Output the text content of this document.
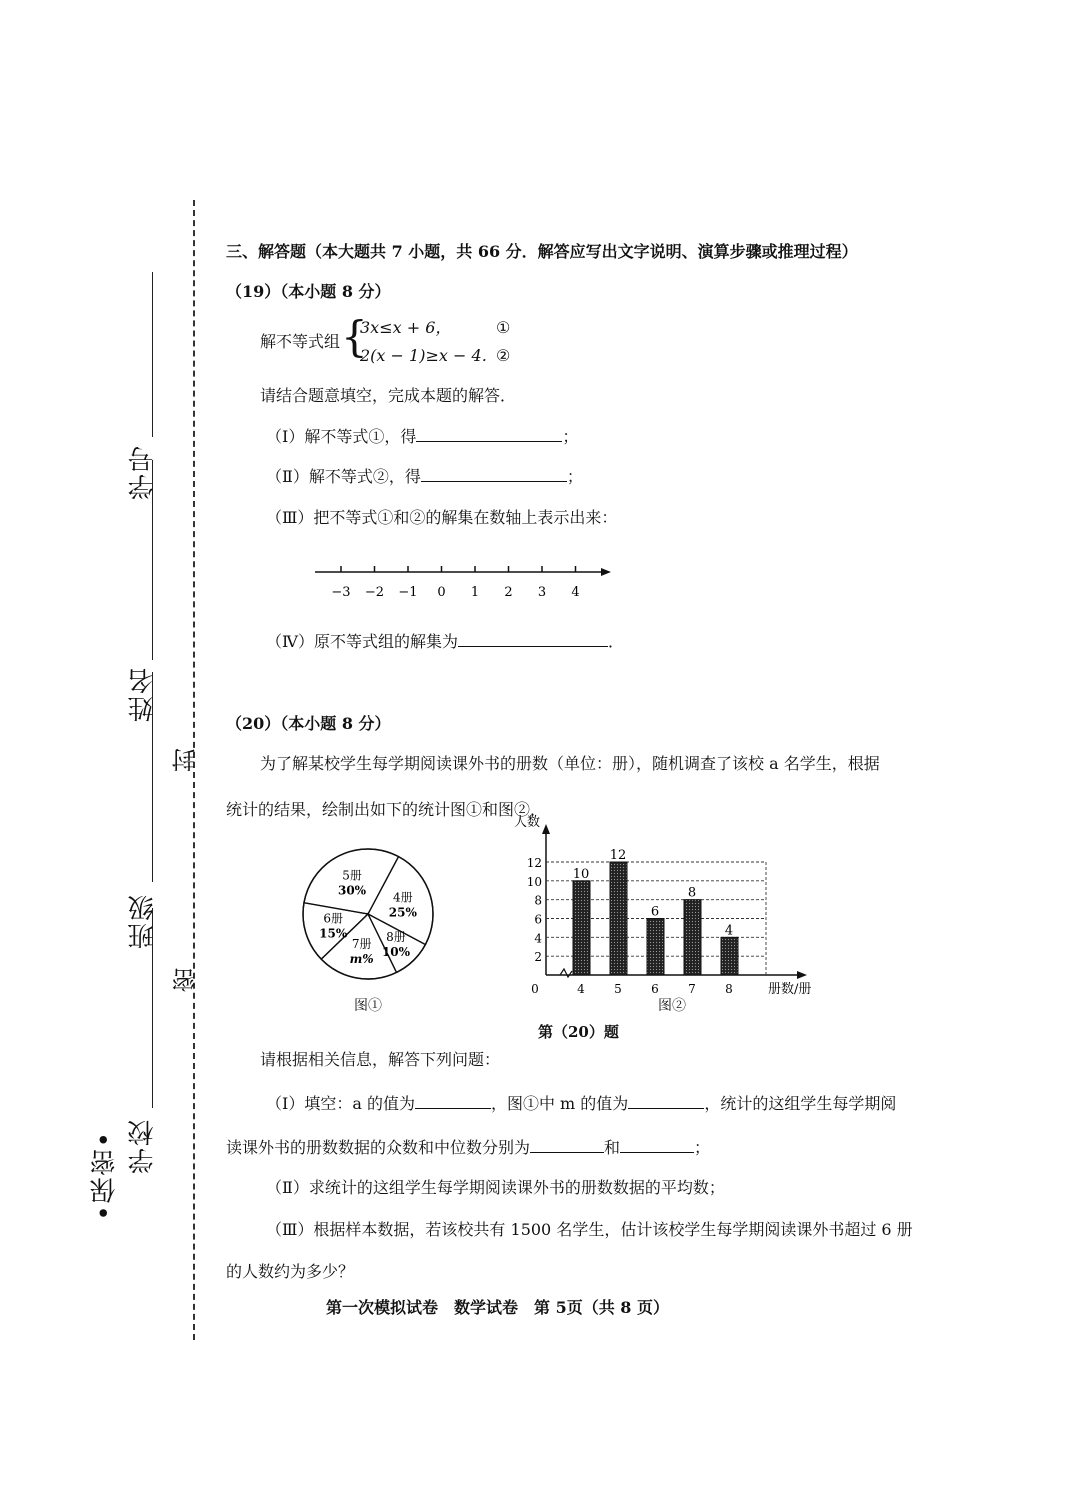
•保密• 学校
班级
姓名
学号
密
封
三、解答题（本大题共 7 小题，共 66 分．解答应写出文字说明、演算步骤或推理过程）
（19）（本小题 8 分）
解不等式组 {
3x≤x + 6，	①
2(x − 1)≥x − 4．
②
请结合题意填空，完成本题的解答．
（Ⅰ）解不等式①，得	；
（Ⅱ）解不等式②，得	；
（Ⅲ）把不等式①和②的解集在数轴上表示出来：
−3 −2 −1 0 1 2 3 4
（Ⅳ）原不等式组的解集为	．
（20）（本小题 8 分）
为了解某校学生每学期阅读课外书的册数（单位：册），随机调查了该校 a 名学生，根据
统计的结果，绘制出如下的统计图①和图②．
5册
30%
4册
25%
8册
10%
7册
m%
6册
15%
图①
2
4
6
8
10
12
10
4
12
5
6
6
8
7
4
8
0
人数
册数/册
图②
第（20）题
请根据相关信息，解答下列问题：
（Ⅰ）填空：a 的值为	，图①中 m 的值为	，统计的这组学生每学期阅
读课外书的册数数据的众数和中位数分别为	和	；
（Ⅱ）求统计的这组学生每学期阅读课外书的册数数据的平均数；
（Ⅲ）根据样本数据，若该校共有 1500 名学生，估计该校学生每学期阅读课外书超过 6 册
的人数约为多少？
第一次模拟试卷　数学试卷　第 5页（共 8 页）
